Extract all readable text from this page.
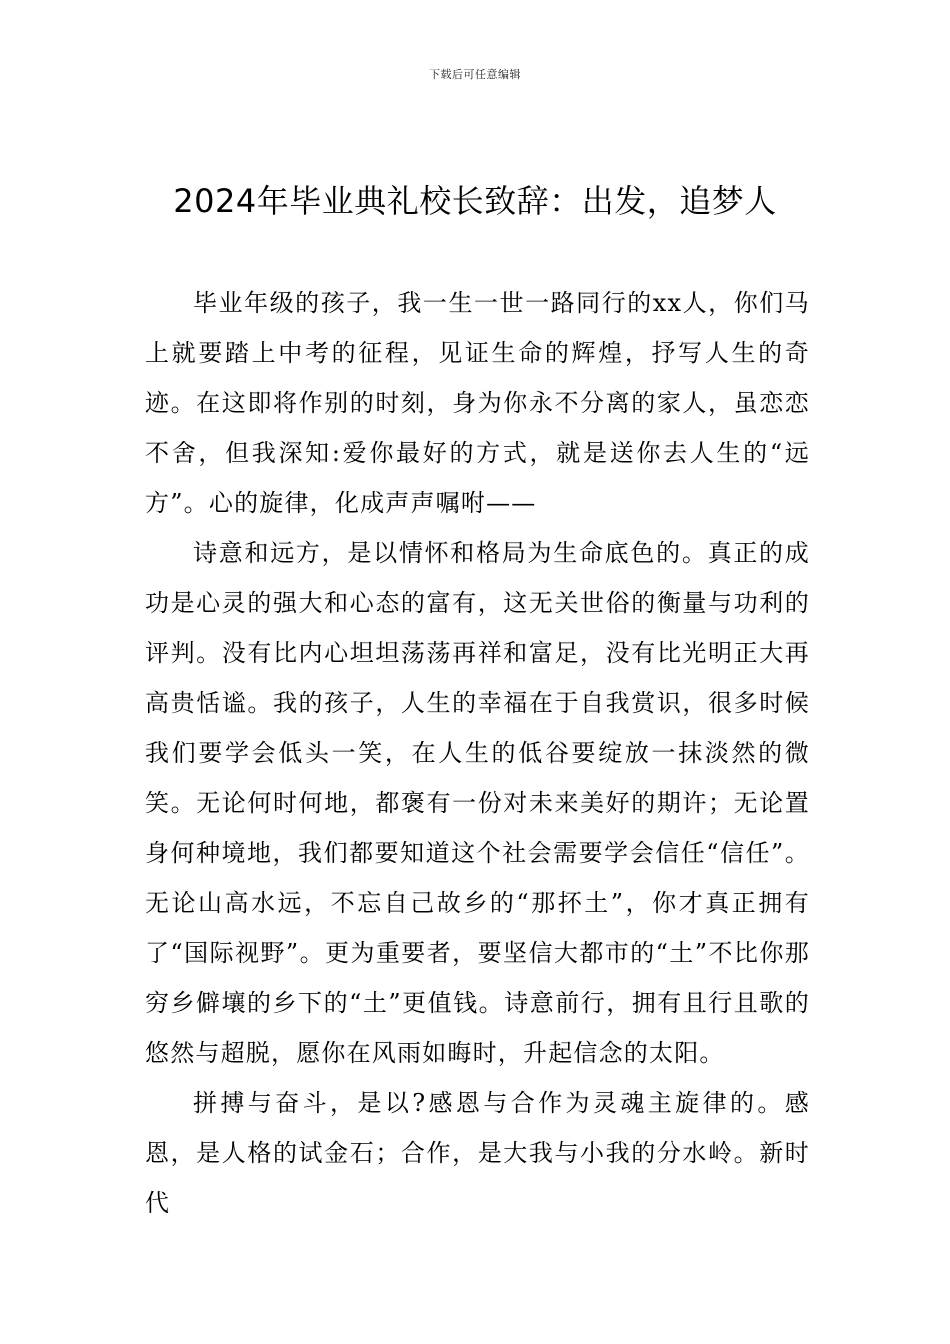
下载后可任意编辑
2024年毕业典礼校长致辞：出发，追梦人

毕业年级的孩子，我一生一世一路同行的xx人，你们马上就要踏上中考的征程，见证生命的辉煌，抒写人生的奇迹。在这即将作别的时刻，身为你永不分离的家人，虽恋恋不舍，但我深知:爱你最好的方式，就是送你去人生的“远方”。心的旋律，化成声声嘱咐——

诗意和远方，是以情怀和格局为生命底色的。真正的成功是心灵的强大和心态的富有，这无关世俗的衡量与功利的评判。没有比内心坦坦荡荡再祥和富足，没有比光明正大再高贵恬谧。我的孩子，人生的幸福在于自我赏识，很多时候我们要学会低头一笑，在人生的低谷要绽放一抹淡然的微笑。无论何时何地，都褒有一份对未来美好的期许；无论置身何种境地，我们都要知道这个社会需要学会信任“信任”。无论山高水远，不忘自己故乡的“那抔土”，你才真正拥有了“国际视野”。更为重要者，要坚信大都市的“土”不比你那穷乡僻壤的乡下的“土”更值钱。诗意前行，拥有且行且歌的悠然与超脱，愿你在风雨如晦时，升起信念的太阳。

拼搏与奋斗，是以?感恩与合作为灵魂主旋律的。感恩，是人格的试金石；合作，是大我与小我的分水岭。新时代
